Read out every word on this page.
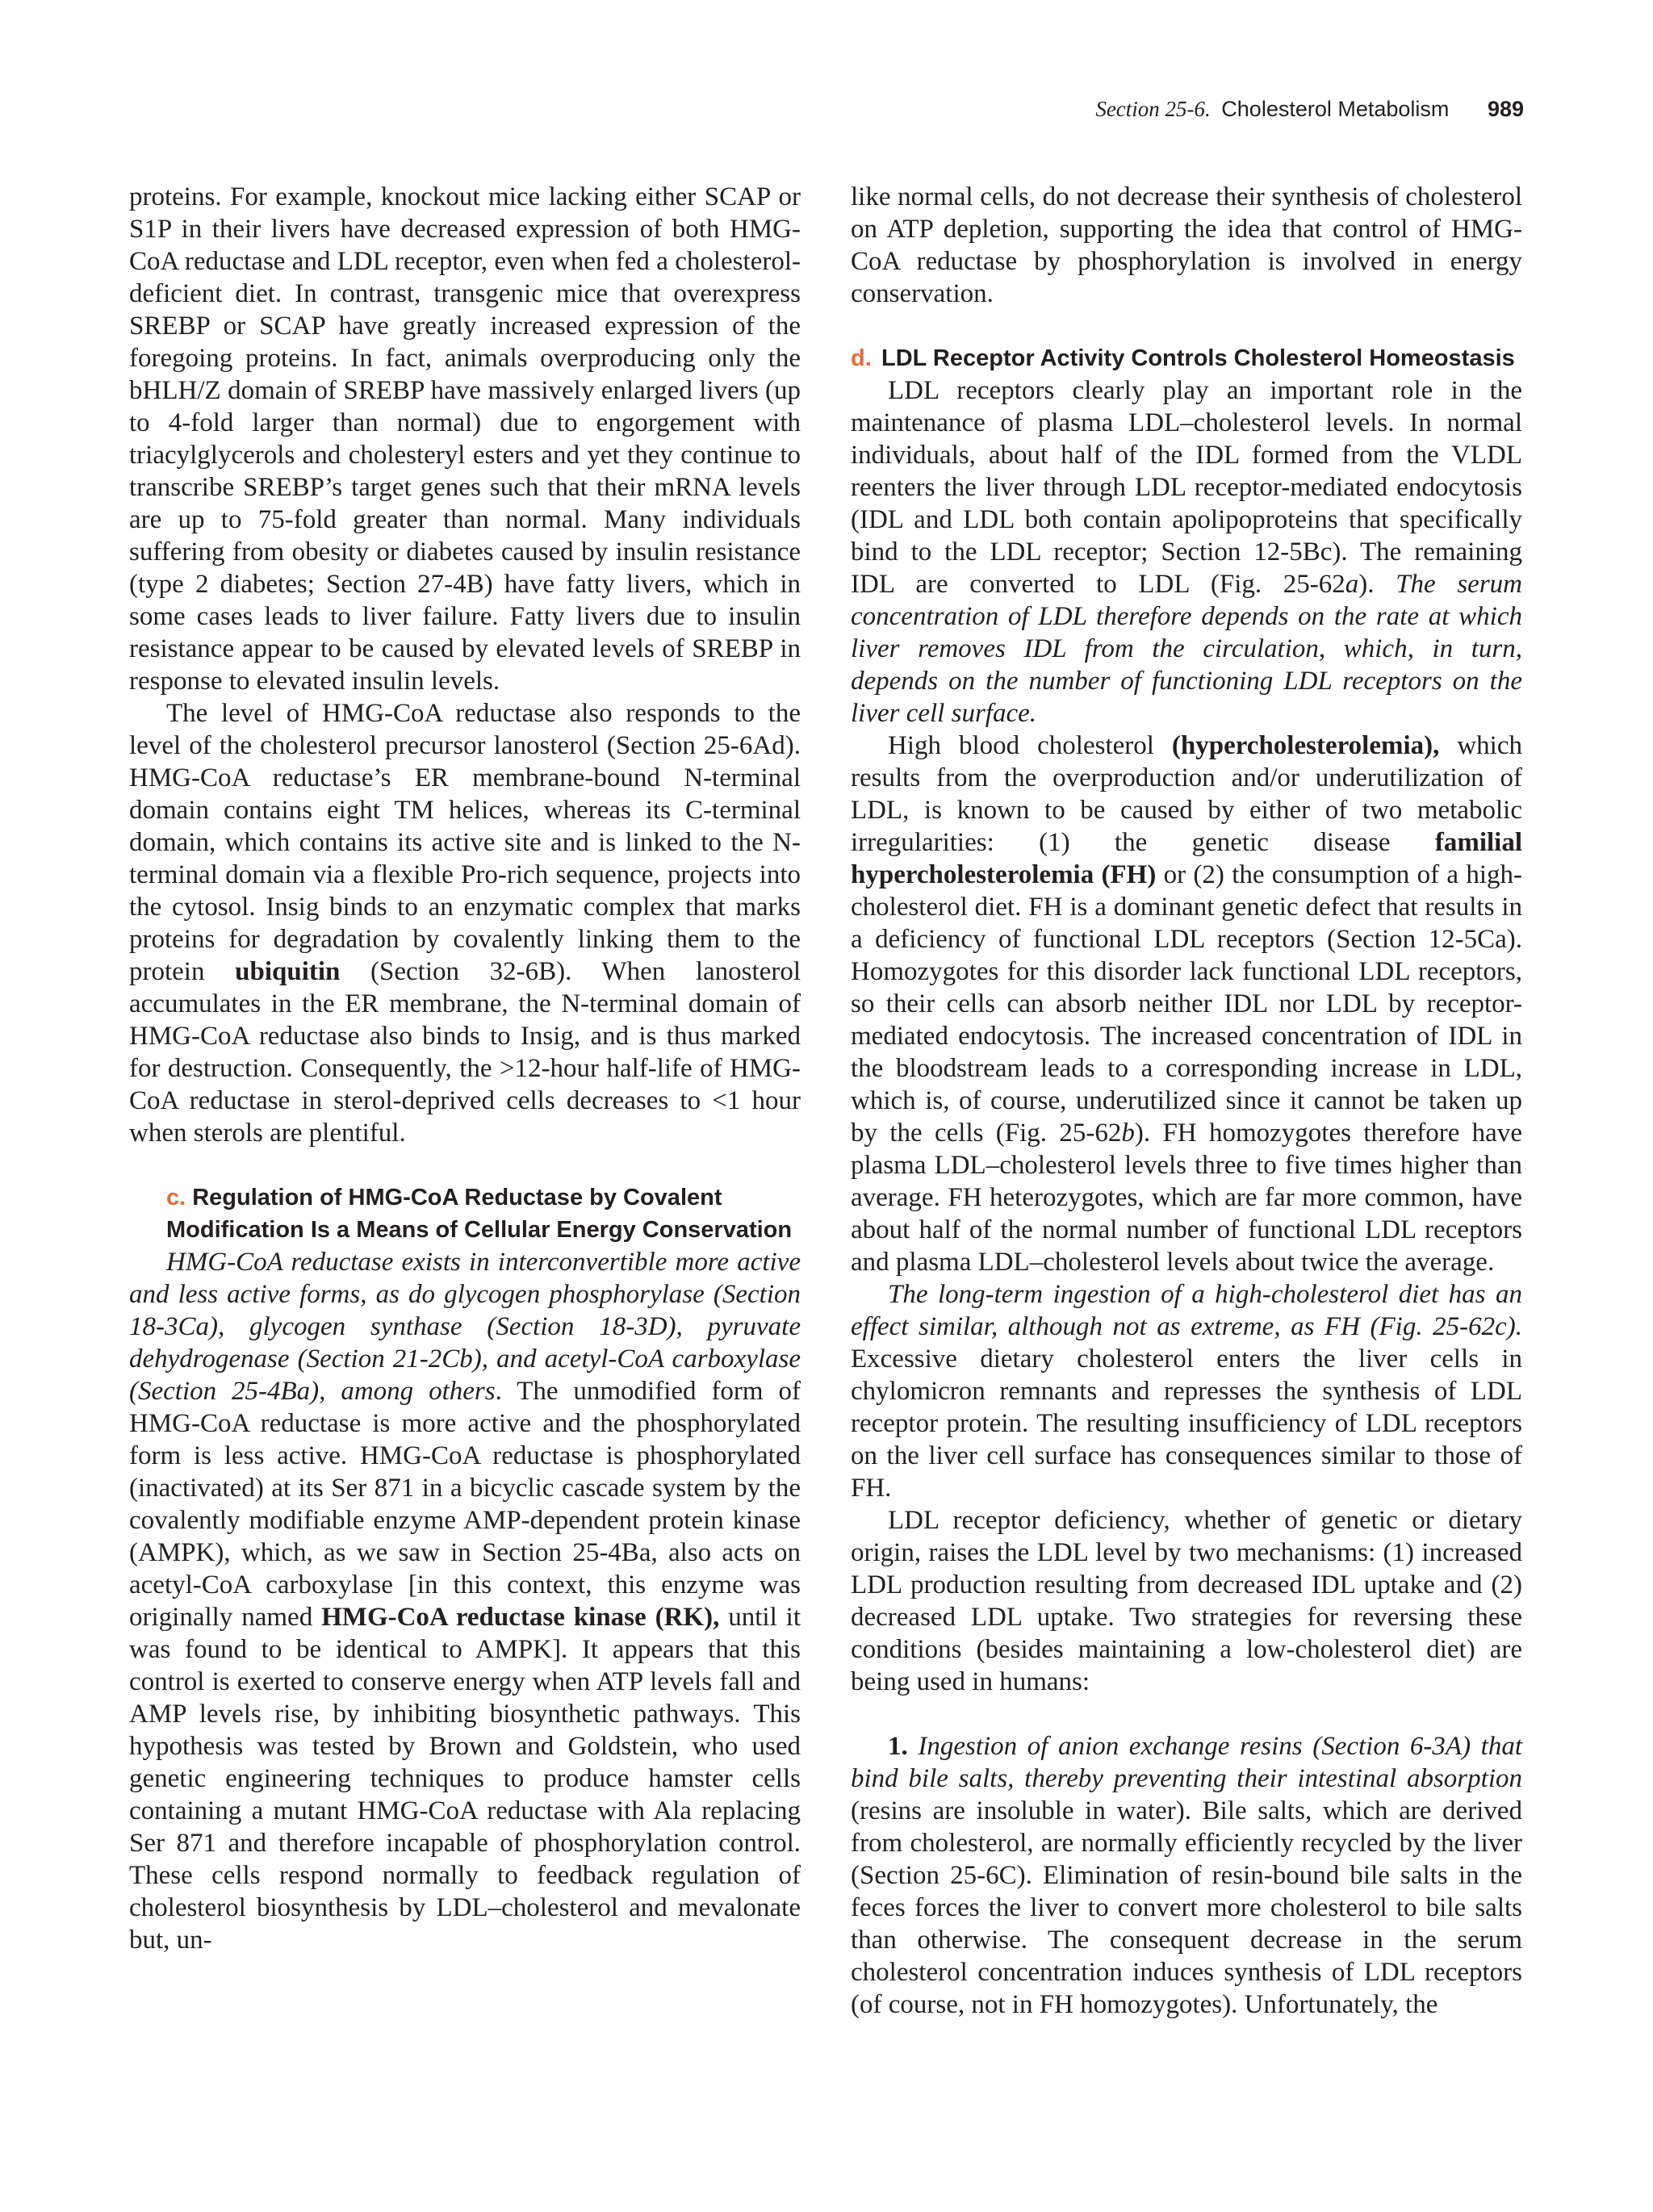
Section 25-6. Cholesterol Metabolism 989

proteins. For example, knockout mice lacking either SCAP or S1P in their livers have decreased expression of both HMG-CoA reductase and LDL receptor, even when fed a cholesterol-deficient diet. In contrast, transgenic mice that overexpress SREBP or SCAP have greatly increased expression of the foregoing proteins. In fact, animals overproducing only the bHLH/Z domain of SREBP have massively enlarged livers (up to 4-fold larger than normal) due to engorgement with triacylglycerols and cholesteryl esters and yet they continue to transcribe SREBP’s target genes such that their mRNA levels are up to 75-fold greater than normal. Many individuals suffering from obesity or diabetes caused by insulin resistance (type 2 diabetes; Section 27-4B) have fatty livers, which in some cases leads to liver failure. Fatty livers due to insulin resistance appear to be caused by elevated levels of SREBP in response to elevated insulin levels.

The level of HMG-CoA reductase also responds to the level of the cholesterol precursor lanosterol (Section 25-6Ad). HMG-CoA reductase’s ER membrane-bound N-terminal domain contains eight TM helices, whereas its C-terminal domain, which contains its active site and is linked to the N-terminal domain via a flexible Pro-rich sequence, projects into the cytosol. Insig binds to an enzymatic complex that marks proteins for degradation by covalently linking them to the protein ubiquitin (Section 32-6B). When lanosterol accumulates in the ER membrane, the N-terminal domain of HMG-CoA reductase also binds to Insig, and is thus marked for destruction. Consequently, the >12-hour half-life of HMG-CoA reductase in sterol-deprived cells decreases to <1 hour when sterols are plentiful.

c. Regulation of HMG-CoA Reductase by Covalent Modification Is a Means of Cellular Energy Conservation

HMG-CoA reductase exists in interconvertible more active and less active forms, as do glycogen phosphorylase (Section 18-3Ca), glycogen synthase (Section 18-3D), pyruvate dehydrogenase (Section 21-2Cb), and acetyl-CoA carboxylase (Section 25-4Ba), among others. The unmodified form of HMG-CoA reductase is more active and the phosphorylated form is less active. HMG-CoA reductase is phosphorylated (inactivated) at its Ser 871 in a bicyclic cascade system by the covalently modifiable enzyme AMP-dependent protein kinase (AMPK), which, as we saw in Section 25-4Ba, also acts on acetyl-CoA carboxylase [in this context, this enzyme was originally named HMG-CoA reductase kinase (RK), until it was found to be identical to AMPK]. It appears that this control is exerted to conserve energy when ATP levels fall and AMP levels rise, by inhibiting biosynthetic pathways. This hypothesis was tested by Brown and Goldstein, who used genetic engineering techniques to produce hamster cells containing a mutant HMG-CoA reductase with Ala replacing Ser 871 and therefore incapable of phosphorylation control. These cells respond normally to feedback regulation of cholesterol biosynthesis by LDL–cholesterol and mevalonate but, un-

like normal cells, do not decrease their synthesis of cholesterol on ATP depletion, supporting the idea that control of HMG-CoA reductase by phosphorylation is involved in energy conservation.

d. LDL Receptor Activity Controls Cholesterol Homeostasis

LDL receptors clearly play an important role in the maintenance of plasma LDL–cholesterol levels. In normal individuals, about half of the IDL formed from the VLDL reenters the liver through LDL receptor-mediated endocytosis (IDL and LDL both contain apolipoproteins that specifically bind to the LDL receptor; Section 12-5Bc). The remaining IDL are converted to LDL (Fig. 25-62a). The serum concentration of LDL therefore depends on the rate at which liver removes IDL from the circulation, which, in turn, depends on the number of functioning LDL receptors on the liver cell surface.

High blood cholesterol (hypercholesterolemia), which results from the overproduction and/or underutilization of LDL, is known to be caused by either of two metabolic irregularities: (1) the genetic disease familial hypercholesterolemia (FH) or (2) the consumption of a high-cholesterol diet. FH is a dominant genetic defect that results in a deficiency of functional LDL receptors (Section 12-5Ca). Homozygotes for this disorder lack functional LDL receptors, so their cells can absorb neither IDL nor LDL by receptor-mediated endocytosis. The increased concentration of IDL in the bloodstream leads to a corresponding increase in LDL, which is, of course, underutilized since it cannot be taken up by the cells (Fig. 25-62b). FH homozygotes therefore have plasma LDL–cholesterol levels three to five times higher than average. FH heterozygotes, which are far more common, have about half of the normal number of functional LDL receptors and plasma LDL–cholesterol levels about twice the average.

The long-term ingestion of a high-cholesterol diet has an effect similar, although not as extreme, as FH (Fig. 25-62c). Excessive dietary cholesterol enters the liver cells in chylomicron remnants and represses the synthesis of LDL receptor protein. The resulting insufficiency of LDL receptors on the liver cell surface has consequences similar to those of FH.

LDL receptor deficiency, whether of genetic or dietary origin, raises the LDL level by two mechanisms: (1) increased LDL production resulting from decreased IDL uptake and (2) decreased LDL uptake. Two strategies for reversing these conditions (besides maintaining a low-cholesterol diet) are being used in humans:

1. Ingestion of anion exchange resins (Section 6-3A) that bind bile salts, thereby preventing their intestinal absorption (resins are insoluble in water). Bile salts, which are derived from cholesterol, are normally efficiently recycled by the liver (Section 25-6C). Elimination of resin-bound bile salts in the feces forces the liver to convert more cholesterol to bile salts than otherwise. The consequent decrease in the serum cholesterol concentration induces synthesis of LDL receptors (of course, not in FH homozygotes). Unfortunately, the
